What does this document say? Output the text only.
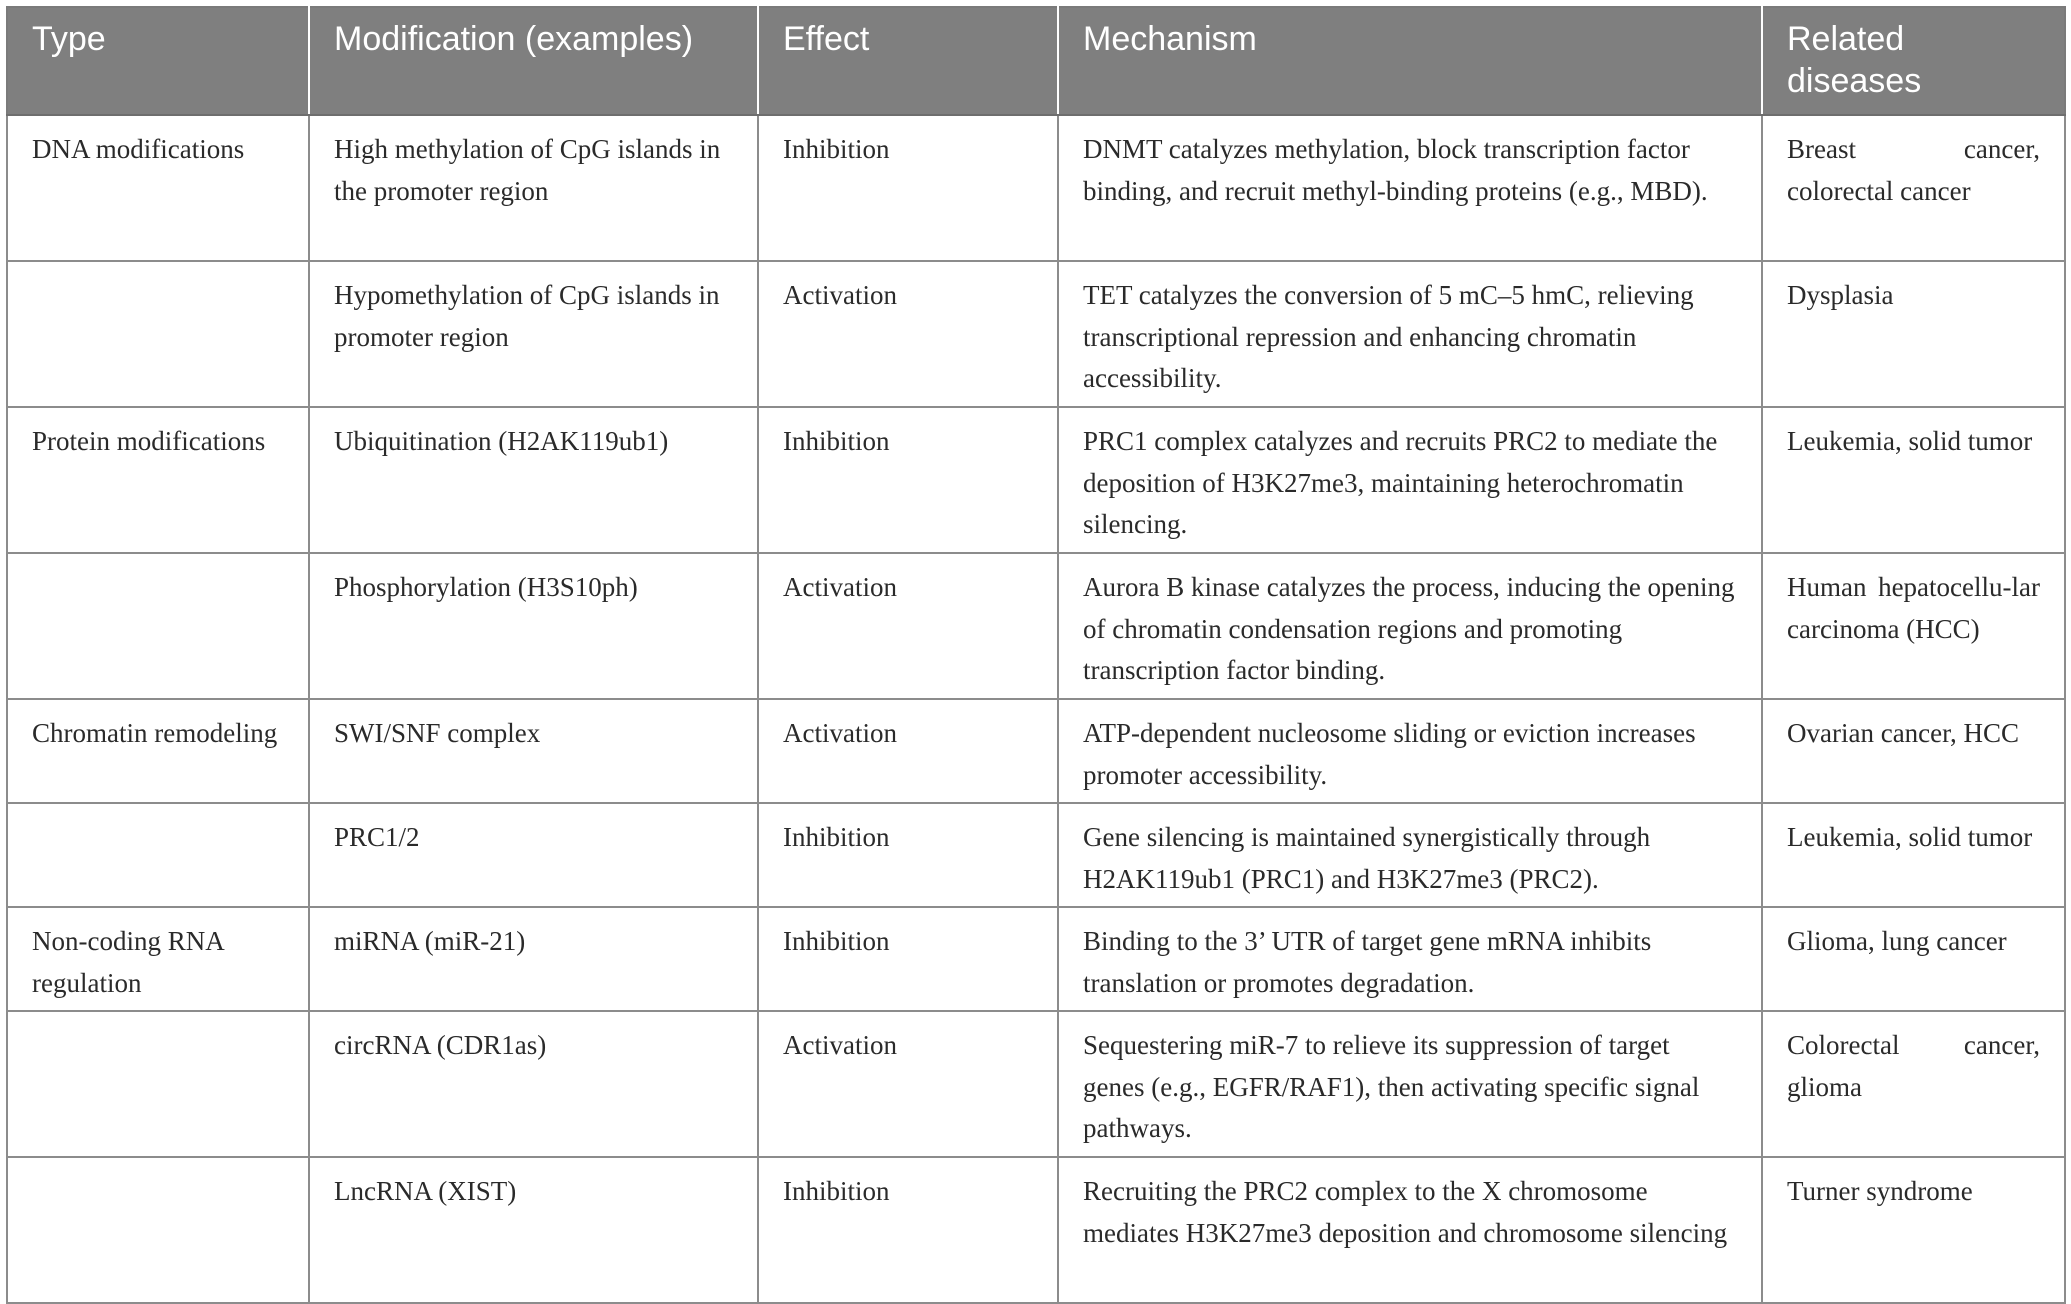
Type	Modification (examples)	Effect	Mechanism	Related diseases
DNA modifications	High methylation of CpG islands in the promoter region	Inhibition	DNMT catalyzes methylation, block transcription factor binding, and recruit methyl-binding proteins (e.g., MBD).	Breast cancer, colorectal cancer
	Hypomethylation of CpG islands in promoter region	Activation	TET catalyzes the conversion of 5 mC–5 hmC, relieving transcriptional repression and enhancing chromatin accessibility.	Dysplasia
Protein modifications	Ubiquitination (H2AK119ub1)	Inhibition	PRC1 complex catalyzes and recruits PRC2 to mediate the deposition of H3K27me3, maintaining heterochromatin silencing.	Leukemia, solid tumor
	Phosphorylation (H3S10ph)	Activation	Aurora B kinase catalyzes the process, inducing the opening of chromatin condensation regions and promoting transcription factor binding.	Human hepatocellu-lar carcinoma (HCC)
Chromatin remodeling	SWI/SNF complex	Activation	ATP-dependent nucleosome sliding or eviction increases promoter accessibility.	Ovarian cancer, HCC
	PRC1/2	Inhibition	Gene silencing is maintained synergistically through H2AK119ub1 (PRC1) and H3K27me3 (PRC2).	Leukemia, solid tumor
Non-coding RNA regulation	miRNA (miR-21)	Inhibition	Binding to the 3’ UTR of target gene mRNA inhibits translation or promotes degradation.	Glioma, lung cancer
	circRNA (CDR1as)	Activation	Sequestering miR-7 to relieve its suppression of target genes (e.g., EGFR/RAF1), then activating specific signal pathways.	Colorectal cancer, glioma
	LncRNA (XIST)	Inhibition	Recruiting the PRC2 complex to the X chromosome mediates H3K27me3 deposition and chromosome silencing	Turner syndrome
